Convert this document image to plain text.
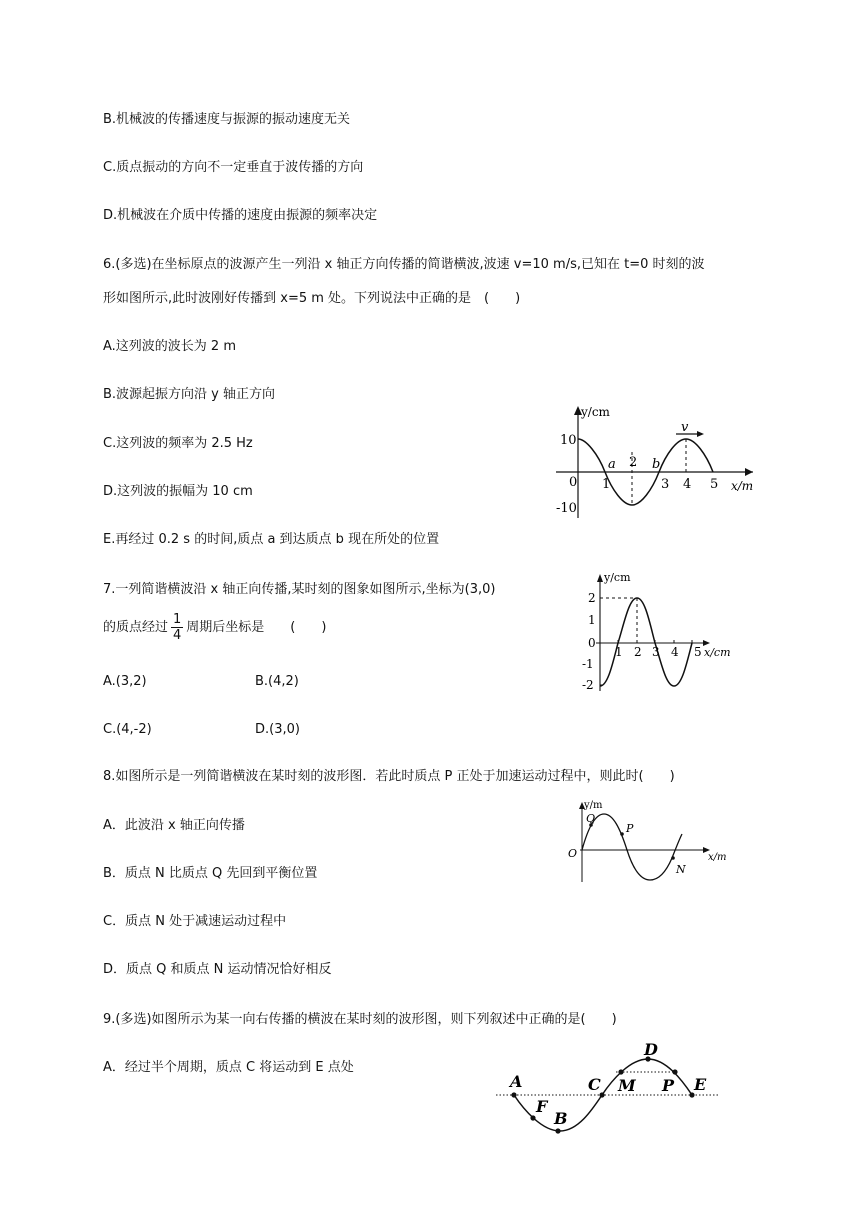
B.机械波的传播速度与振源的振动速度无关
C.质点振动的方向不一定垂直于波传播的方向
D.机械波在介质中传播的速度由振源的频率决定
6.(多选)在坐标原点的波源产生一列沿 x 轴正方向传播的简谐横波,波速 v=10 m/s,已知在 t=0 时刻的波
形如图所示,此时波刚好传播到 x=5 m 处。下列说法中正确的是　(　　)
A.这列波的波长为 2 m
B.波源起振方向沿 y 轴正方向
C.这列波的频率为 2.5 Hz
D.这列波的振幅为 10 cm
E.再经过 0.2 s 的时间,质点 a 到达质点 b 现在所处的位置
v
y/cm
x/m
10
-10
0 1
2
3 4 5
a	b
7.一列简谐横波沿 x 轴正向传播,某时刻的图象如图所示,坐标为(3,0)
的质点经过 $\frac{1}{4}$ 周期后坐标是　　(　　)
A.(3,2)	B.(4,2)
C.(4,-2)	D.(3,0)
y/cm
x/cm
2
1
0
-1
-2
1 2 3 4 5
8.如图所示是一列简谐横波在某时刻的波形图．若此时质点 P 正处于加速运动过程中，则此时(　　)
A．此波沿 x 轴正向传播
B．质点 N 比质点 Q 先回到平衡位置
C．质点 N 处于减速运动过程中
D．质点 Q 和质点 N 运动情况恰好相反
y/m
x/m
O
Q
P
N
9.(多选)如图所示为某一向右传播的横波在某时刻的波形图，则下列叙述中正确的是(　　)
A．经过半个周期，质点 C 将运动到 E 点处
A
F
B
C M
D
P E
